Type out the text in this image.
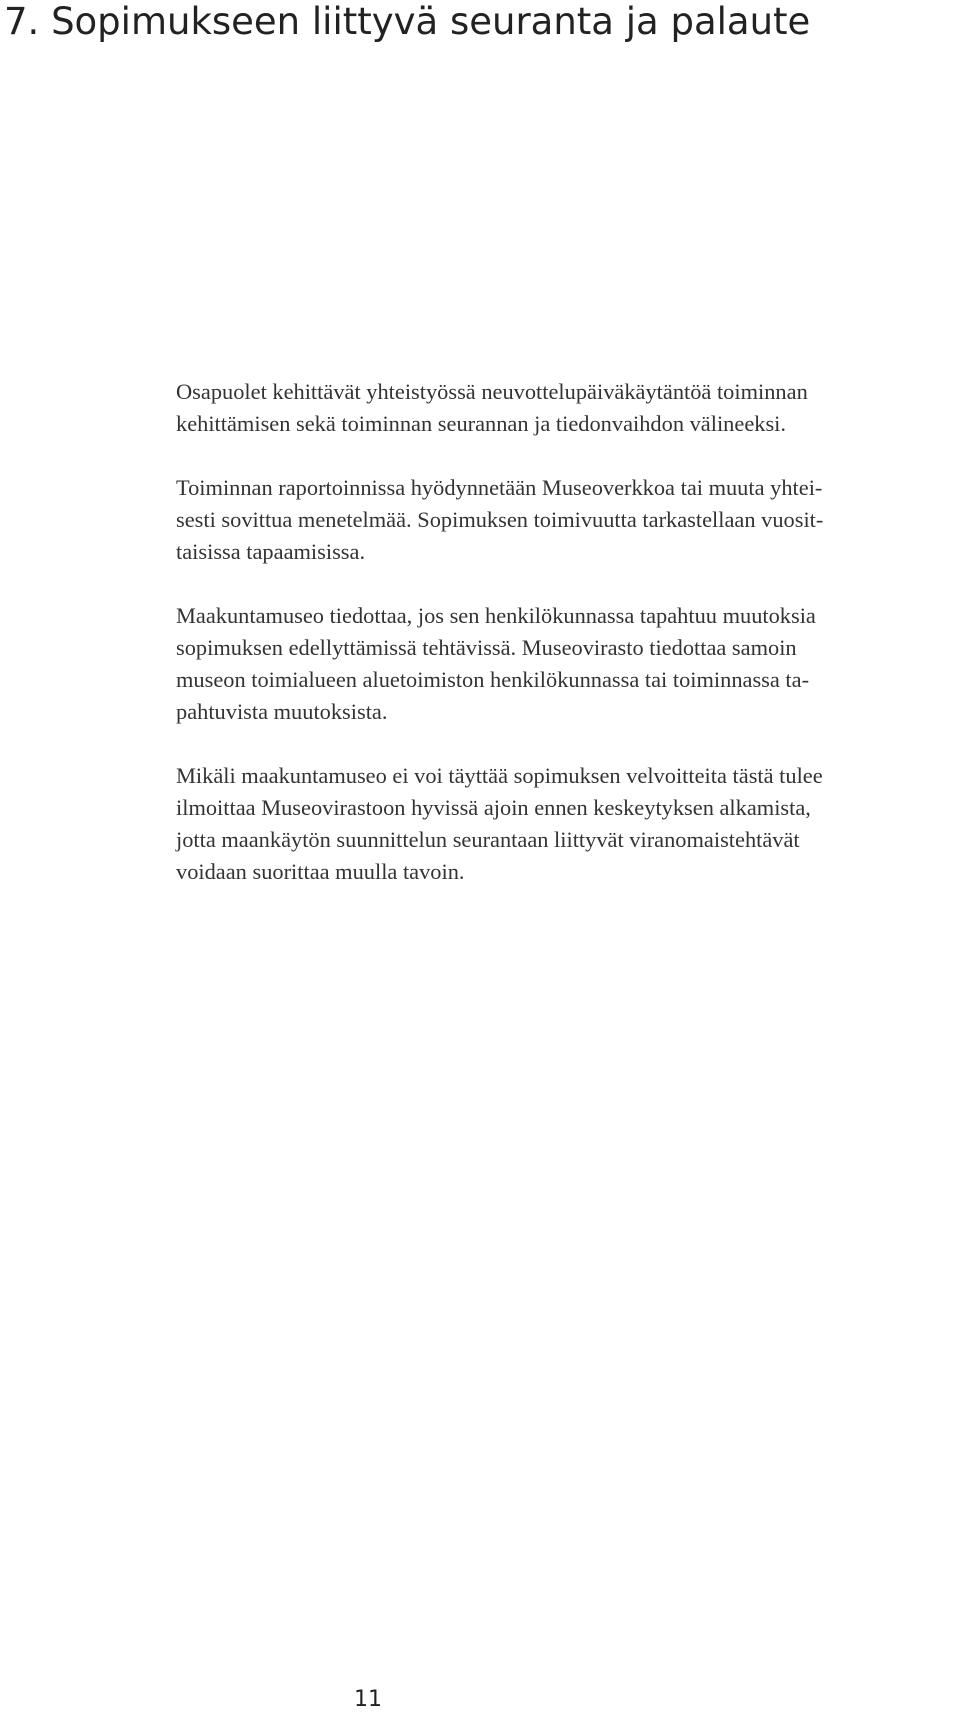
7. Sopimukseen liittyvä seuranta ja palaute

Osapuolet kehittävät yhteistyössä neuvottelupäiväkäytäntöä toiminnan
kehittämisen sekä toiminnan seurannan ja tiedonvaihdon välineeksi.

Toiminnan raportoinnissa hyödynnetään Museoverkkoa tai muuta yhtei-
sesti sovittua menetelmää. Sopimuksen toimivuutta tarkastellaan vuosit-
taisissa tapaamisissa.

Maakuntamuseo tiedottaa, jos sen henkilökunnassa tapahtuu muutoksia
sopimuksen edellyttämissä tehtävissä. Museovirasto tiedottaa samoin
museon toimialueen aluetoimiston henkilökunnassa tai toiminnassa ta-
pahtuvista muutoksista.

Mikäli maakuntamuseo ei voi täyttää sopimuksen velvoitteita tästä tulee
ilmoittaa Museovirastoon hyvissä ajoin ennen keskeytyksen alkamista,
jotta maankäytön suunnittelun seurantaan liittyvät viranomaistehtävät
voidaan suorittaa muulla tavoin.

11
